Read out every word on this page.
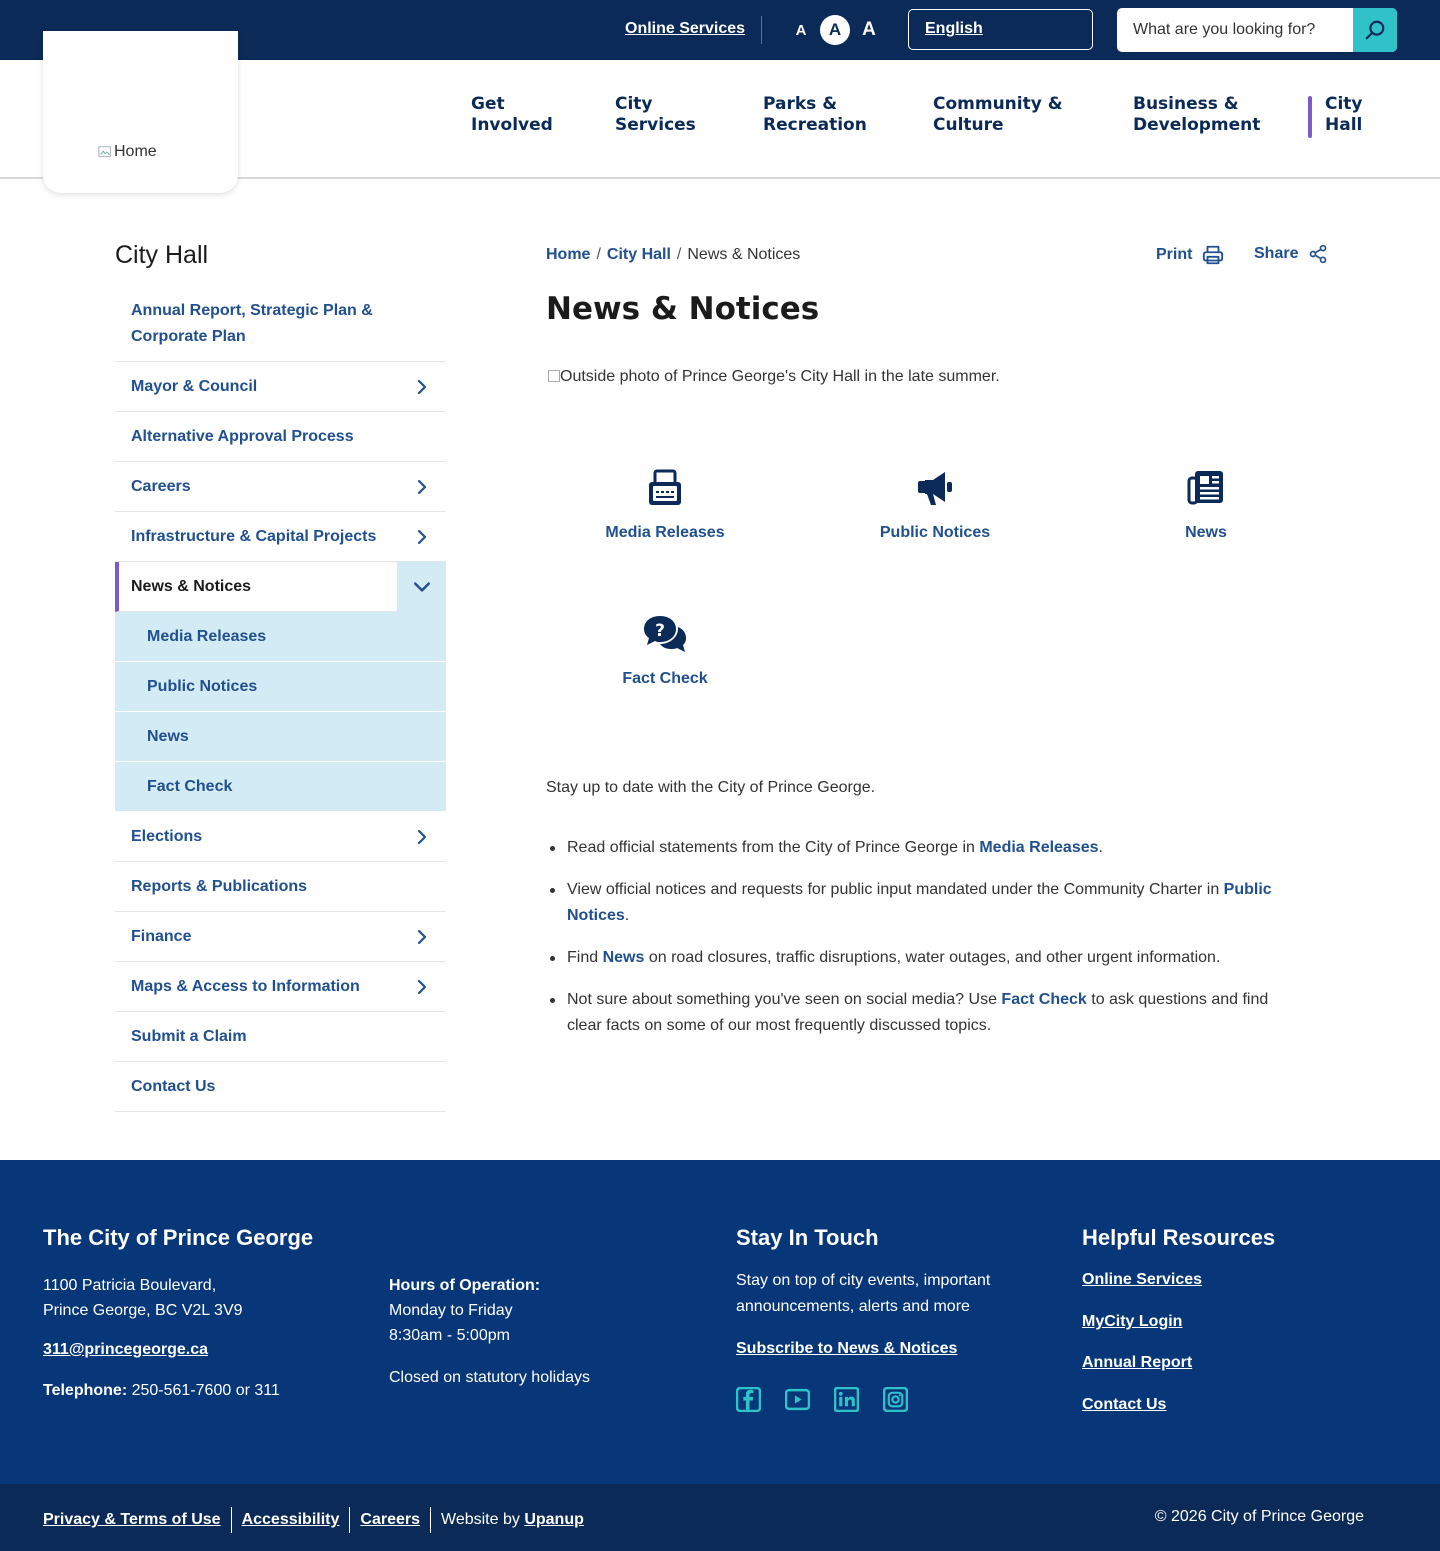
Online Services	A	A	A	English
What are you looking for?
Get
Involved
City
Services
Parks &
Recreation
Community &
Culture
Business &
Development
City
Hall
Home
City Hall
Annual Report, Strategic Plan & Corporate Plan
Mayor & Council
Alternative Approval Process
Careers
Infrastructure & Capital Projects
News & Notices
Media Releases
Public Notices
News
Fact Check
Elections
Reports & Publications
Finance
Maps & Access to Information
Submit a Claim
Contact Us
Home / City Hall / News & Notices	Print	Share
News & Notices
Outside photo of Prince George's City Hall in the late summer.
Media Releases	Public Notices	News
?
Fact Check

Stay up to date with the City of Prince George.

Read official statements from the City of Prince George in Media Releases.
View official notices and requests for public input mandated under the Community Charter in Public Notices.
Find News on road closures, traffic disruptions, water outages, and other urgent information.
Not sure about something you've seen on social media? Use Fact Check to ask questions and find clear facts on some of our most frequently discussed topics.
The City of Prince George
1100 Patricia Boulevard,
Prince George, BC V2L 3V9
311@princegeorge.ca
Telephone: 250-561-7600 or 311
Hours of Operation:
Monday to Friday
8:30am - 5:00pm
Closed on statutory holidays
Stay In Touch
Stay on top of city events, important
announcements, alerts and more
Subscribe to News & Notices
Helpful Resources
Online Services
MyCity Login
Annual Report
Contact Us
Privacy & Terms of Use Accessibility Careers Website by
Upanup	© 2026 City of Prince George
